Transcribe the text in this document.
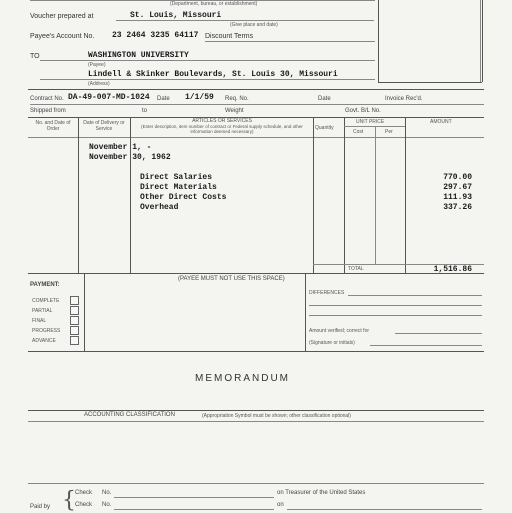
(Department, bureau, or establishment)
Voucher prepared at	St. Louis, Missouri
(Give place and date)
Payee's Account No. 23 2464 3235 64117 Discount Terms
TO	WASHINGTON UNIVERSITY
(Payee)
Lindell & Skinker Boulevards, St. Louis 30, Missouri
(Address)
Contract No. DA-49-007-MD-1024 Date 1/1/59 Req. No.	Date	Invoice Rec'd.
Shipped from	to	Weight	Govt. B/L No.
No. and Date of Order
Date of Delivery or Service
ARTICLES OR SERVICES
(Enter description, item number of contract or Federal supply schedule, and other information deemed necessary)
Quantity
UNIT PRICE
Cost	Per
AMOUNT
November 1, -
November 30, 1962
Direct Salaries	770.00
Direct Materials	297.67
Other Direct Costs	111.93
Overhead	337.26
TOTAL	1,516.86
PAYMENT:
COMPLETE
PARTIAL
FINAL
PROGRESS
ADVANCE
(PAYEE MUST NOT USE THIS SPACE)
DIFFERENCES
Amount verified; correct for
(Signature or initials)
MEMORANDUM
ACCOUNTING CLASSIFICATION	(Appropriation Symbol must be shown; other classification optional)
Paid by { Check No.	on Treasurer of the United States
Check No.	on
